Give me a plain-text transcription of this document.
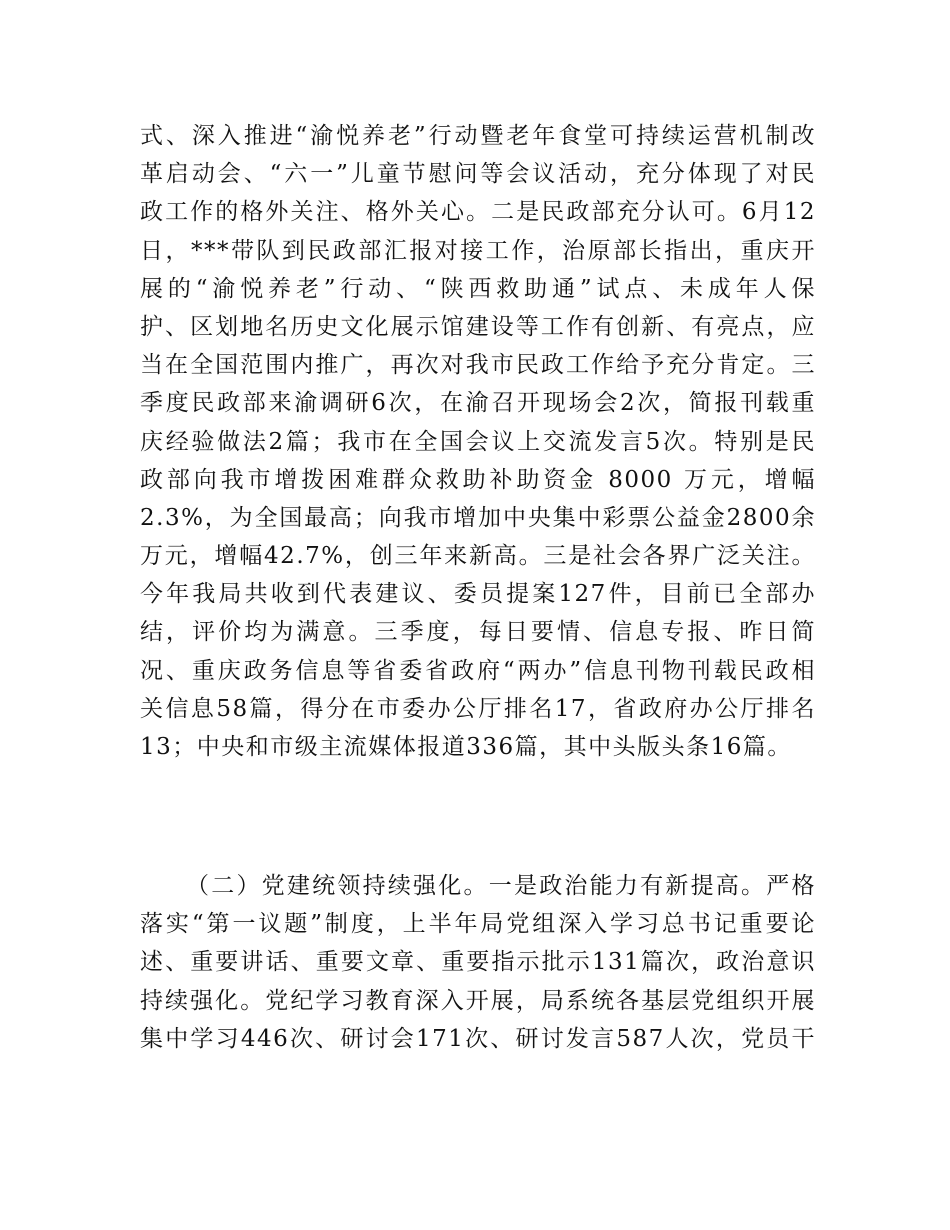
式、深入推进“渝悦养老”行动暨老年食堂可持续运营机制改
革启动会、“六一”儿童节慰问等会议活动，充分体现了对民
政工作的格外关注、格外关心。二是民政部充分认可。6月12
日，***带队到民政部汇报对接工作，治原部长指出，重庆开
展的“渝悦养老”行动、“陕西救助通”试点、未成年人保
护、区划地名历史文化展示馆建设等工作有创新、有亮点，应
当在全国范围内推广，再次对我市民政工作给予充分肯定。三
季度民政部来渝调研6次，在渝召开现场会2次，简报刊载重
庆经验做法2篇；我市在全国会议上交流发言5次。特别是民
政部向我市增拨困难群众救助补助资金 8000 万元，增幅
2.3%，为全国最高；向我市增加中央集中彩票公益金2800余
万元，增幅42.7%，创三年来新高。三是社会各界广泛关注。
今年我局共收到代表建议、委员提案127件，目前已全部办
结，评价均为满意。三季度，每日要情、信息专报、昨日简
况、重庆政务信息等省委省政府“两办”信息刊物刊载民政相
关信息58篇，得分在市委办公厅排名17，省政府办公厅排名
13；中央和市级主流媒体报道336篇，其中头版头条16篇。
（二）党建统领持续强化。一是政治能力有新提高。严格
落实“第一议题”制度，上半年局党组深入学习总书记重要论
述、重要讲话、重要文章、重要指示批示131篇次，政治意识
持续强化。党纪学习教育深入开展，局系统各基层党组织开展
集中学习446次、研讨会171次、研讨发言587人次，党员干
